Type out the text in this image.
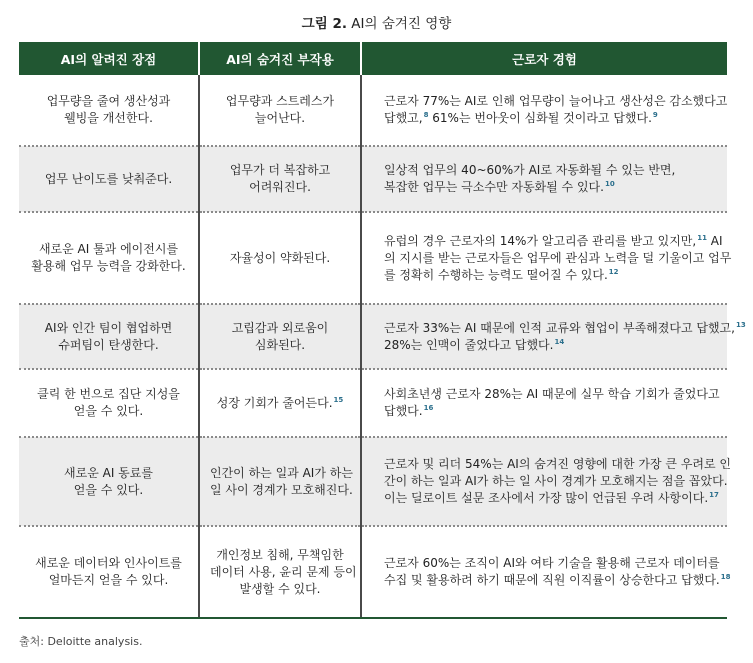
그림 2. AI의 숨겨진 영향
AI의 알려진 장점	AI의 숨겨진 부작용	근로자 경험

업무량을 줄여 생산성과
웰빙을 개선한다.	업무량과 스트레스가
늘어난다.	근로자 77%는 AI로 인해 업무량이 늘어나고 생산성은 감소했다고
답했고,$^8$ 61%는 번아웃이 심화될 것이라고 답했다.$^9$

업무 난이도를 낮춰준다.	업무가 더 복잡하고
어려워진다.	일상적 업무의 40~60%가 AI로 자동화될 수 있는 반면,
복잡한 업무는 극소수만 자동화될 수 있다.$^{10}$

새로운 AI 툴과 에이전시를
활용해 업무 능력을 강화한다.	자율성이 약화된다.	유럽의 경우 근로자의 14%가 알고리즘 관리를 받고 있지만,$^{11}$ AI
의 지시를 받는 근로자들은 업무에 관심과 노력을 덜 기울이고 업무
를 정확히 수행하는 능력도 떨어질 수 있다.$^{12}$

AI와 인간 팀이 협업하면
슈퍼팀이 탄생한다.	고립감과 외로움이
심화된다.	근로자 33%는 AI 때문에 인적 교류와 협업이 부족해졌다고 답했고,$^{13}$
28%는 인맥이 줄었다고 답했다.$^{14}$

클릭 한 번으로 집단 지성을
얻을 수 있다.	성장 기회가 줄어든다.$^{15}$	사회초년생 근로자 28%는 AI 때문에 실무 학습 기회가 줄었다고
답했다.$^{16}$

새로운 AI 동료를
얻을 수 있다.	인간이 하는 일과 AI가 하는
일 사이 경계가 모호해진다.	근로자 및 리더 54%는 AI의 숨겨진 영향에 대한 가장 큰 우려로 인
간이 하는 일과 AI가 하는 일 사이 경계가 모호해지는 점을 꼽았다.
이는 딜로이트 설문 조사에서 가장 많이 언급된 우려 사항이다.$^{17}$

새로운 데이터와 인사이트를
얼마든지 얻을 수 있다.	개인정보 침해, 무책임한
데이터 사용, 윤리 문제 등이
발생할 수 있다.	근로자 60%는 조직이 AI와 여타 기술을 활용해 근로자 데이터를
수집 및 활용하려 하기 때문에 직원 이직률이 상승한다고 답했다.$^{18}$
출처: Deloitte analysis.
